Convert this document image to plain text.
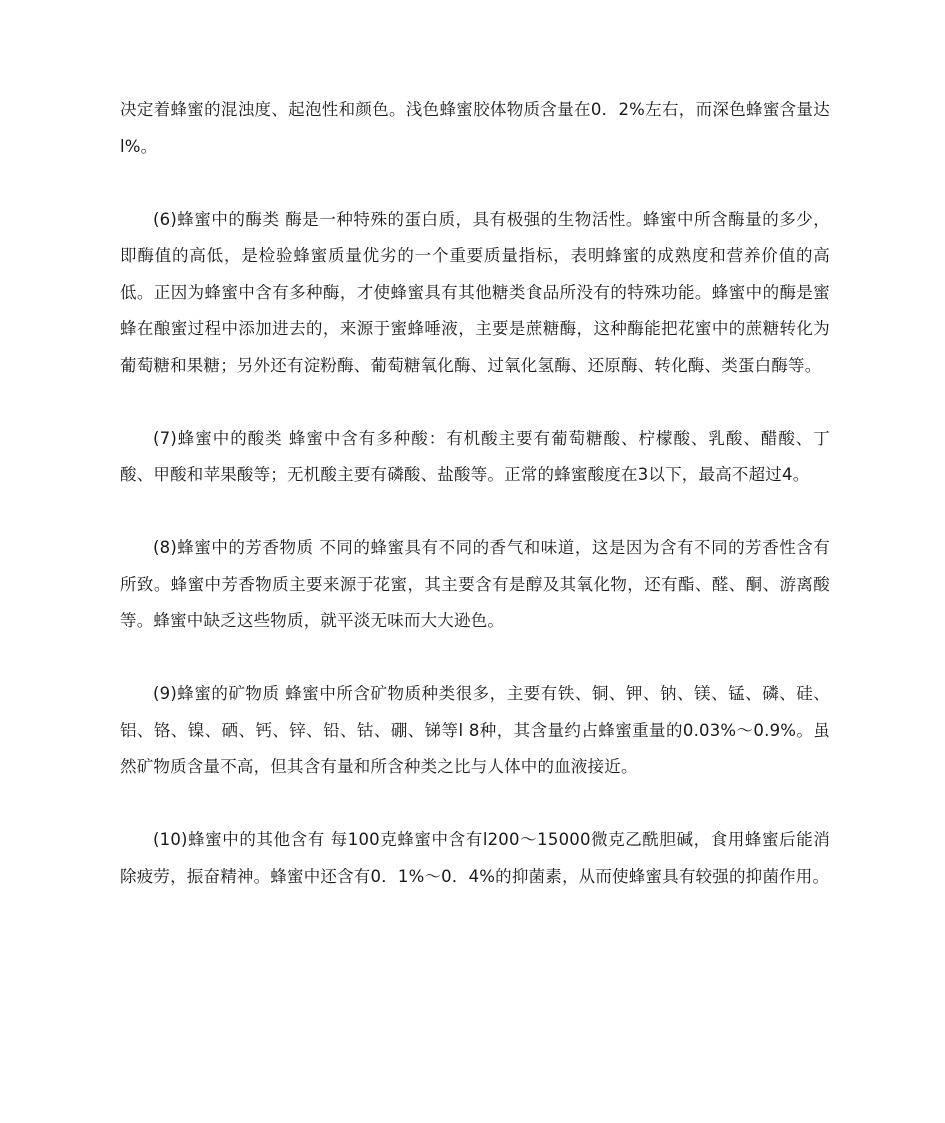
决定着蜂蜜的混浊度、起泡性和颜色。浅色蜂蜜胶体物质含量在0．2%左右，而深色蜂蜜含量达l%。

(6)蜂蜜中的酶类 酶是一种特殊的蛋白质，具有极强的生物活性。蜂蜜中所含酶量的多少，即酶值的高低，是检验蜂蜜质量优劣的一个重要质量指标，表明蜂蜜的成熟度和营养价值的高低。正因为蜂蜜中含有多种酶，才使蜂蜜具有其他糖类食品所没有的特殊功能。蜂蜜中的酶是蜜蜂在酿蜜过程中添加进去的，来源于蜜蜂唾液，主要是蔗糖酶，这种酶能把花蜜中的蔗糖转化为葡萄糖和果糖；另外还有淀粉酶、葡萄糖氧化酶、过氧化氢酶、还原酶、转化酶、类蛋白酶等。

(7)蜂蜜中的酸类 蜂蜜中含有多种酸：有机酸主要有葡萄糖酸、柠檬酸、乳酸、醋酸、丁酸、甲酸和苹果酸等；无机酸主要有磷酸、盐酸等。正常的蜂蜜酸度在3以下，最高不超过4。

(8)蜂蜜中的芳香物质 不同的蜂蜜具有不同的香气和味道，这是因为含有不同的芳香性含有所致。蜂蜜中芳香物质主要来源于花蜜，其主要含有是醇及其氧化物，还有酯、醛、酮、游离酸等。蜂蜜中缺乏这些物质，就平淡无味而大大逊色。

(9)蜂蜜的矿物质 蜂蜜中所含矿物质种类很多，主要有铁、铜、钾、钠、镁、锰、磷、硅、铝、铬、镍、硒、钙、锌、铅、钴、硼、锑等l 8种，其含量约占蜂蜜重量的0.03%～0.9%。虽然矿物质含量不高，但其含有量和所含种类之比与人体中的血液接近。

(10)蜂蜜中的其他含有 每100克蜂蜜中含有l200～15000微克乙酰胆碱，食用蜂蜜后能消除疲劳，振奋精神。蜂蜜中还含有0．1%～0．4%的抑菌素，从而使蜂蜜具有较强的抑菌作用。
